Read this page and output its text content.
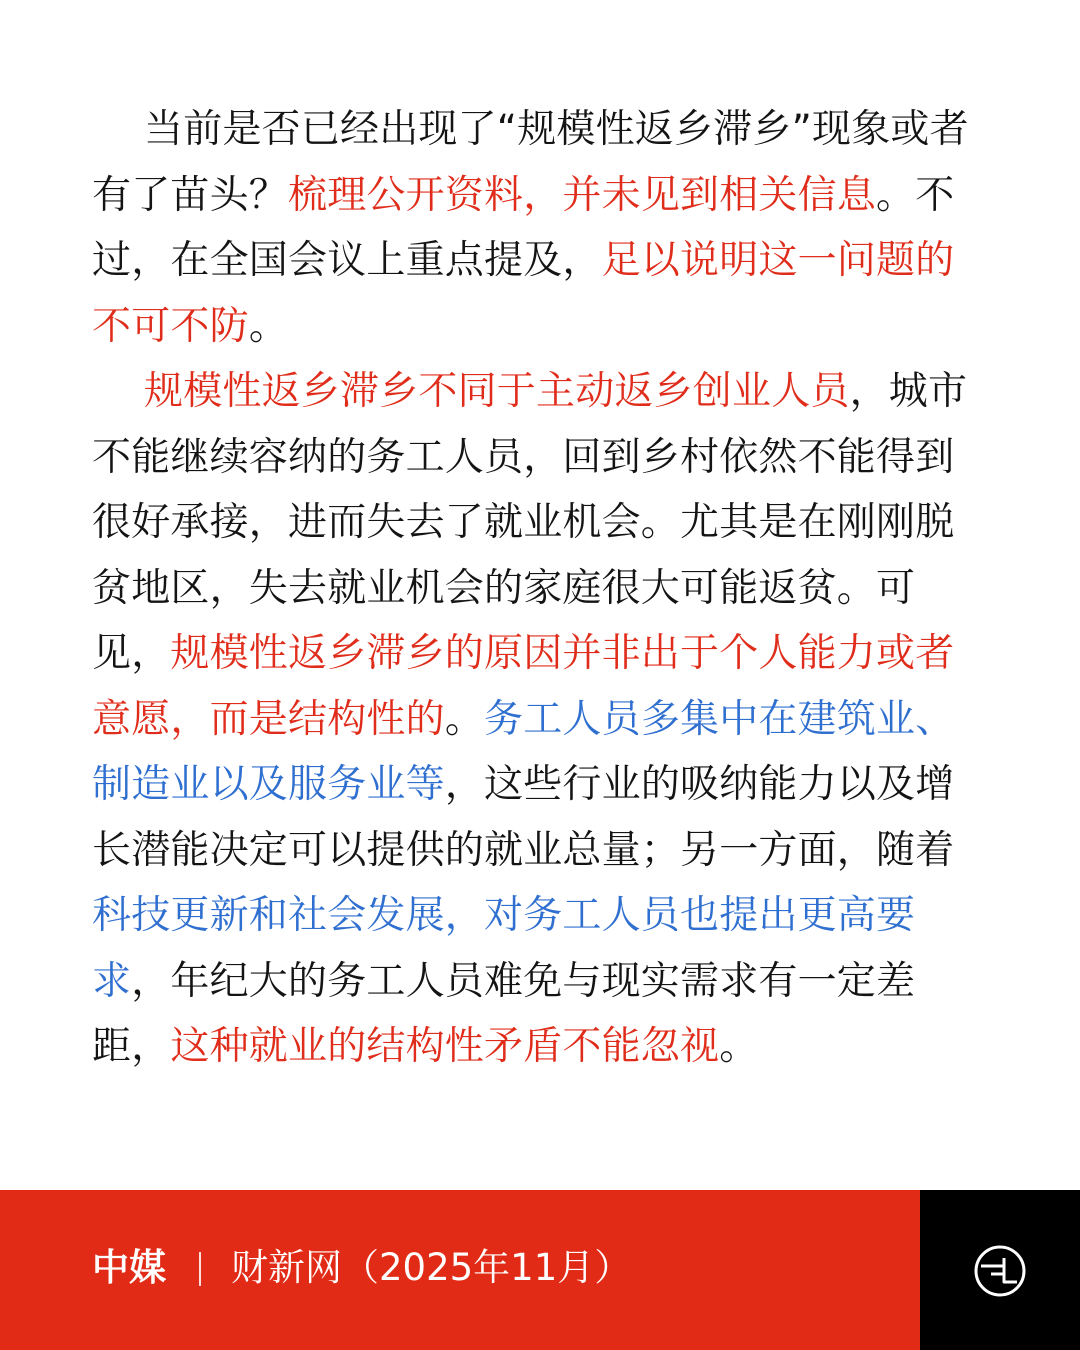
当前是否已经出现了“规模性返乡滞乡”现象或者有了苗头？梳理公开资料，并未见到相关信息。不过，在全国会议上重点提及，足以说明这一问题的不可不防。

规模性返乡滞乡不同于主动返乡创业人员，城市不能继续容纳的务工人员，回到乡村依然不能得到很好承接，进而失去了就业机会。尤其是在刚刚脱贫地区，失去就业机会的家庭很大可能返贫。可见，规模性返乡滞乡的原因并非出于个人能力或者意愿，而是结构性的。务工人员多集中在建筑业、制造业以及服务业等，这些行业的吸纳能力以及增长潜能决定可以提供的就业总量；另一方面，随着科技更新和社会发展，对务工人员也提出更高要求，年纪大的务工人员难免与现实需求有一定差距，这种就业的结构性矛盾不能忽视。

中媒 财新网（2025年11月）
